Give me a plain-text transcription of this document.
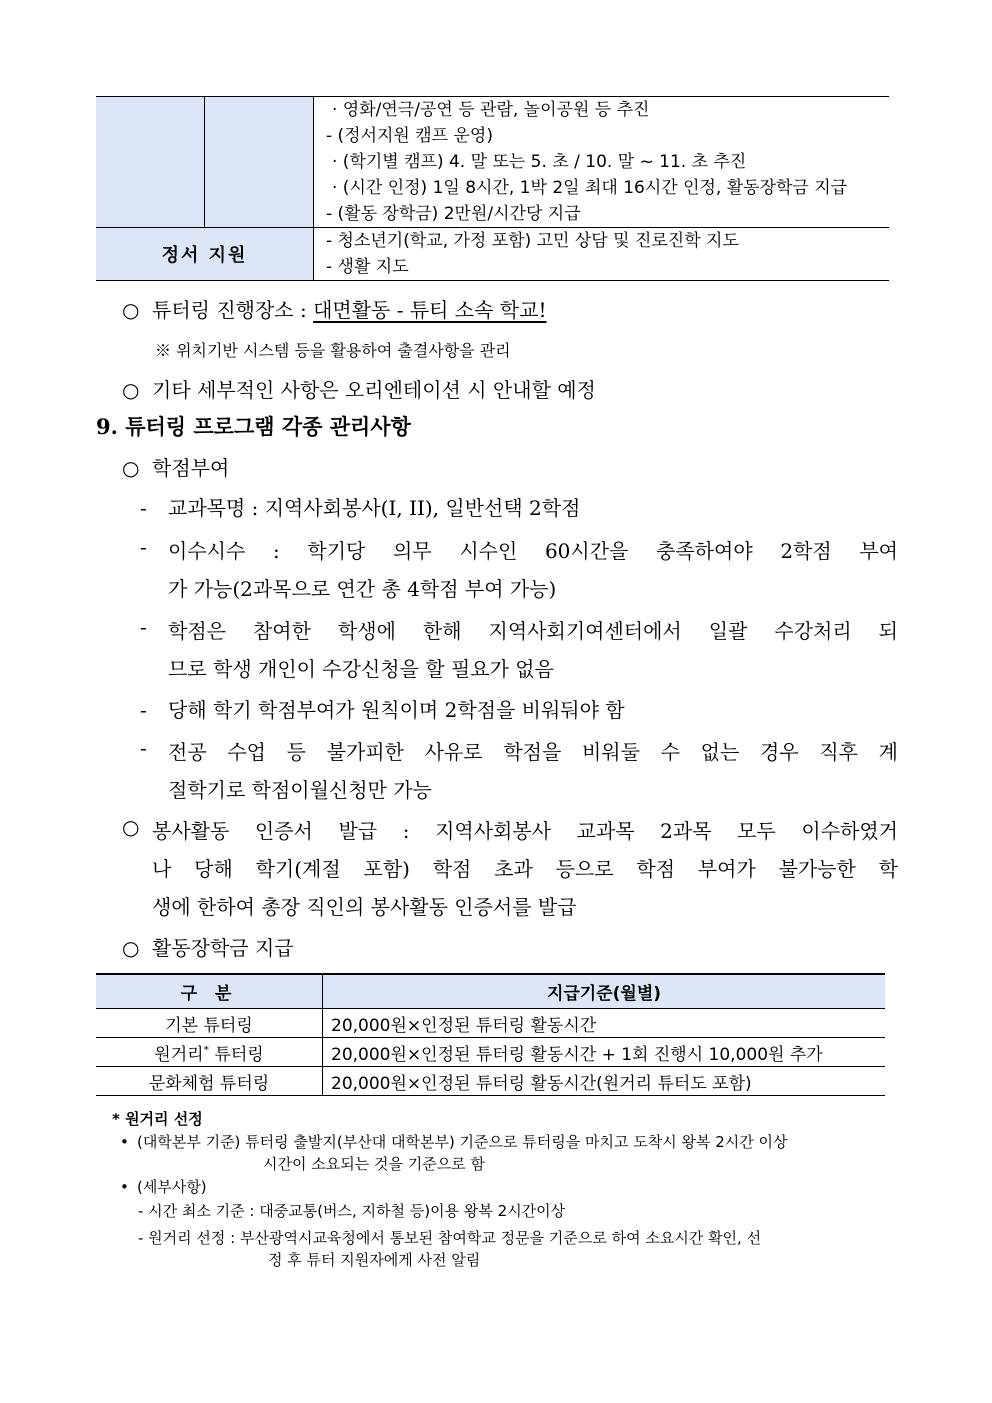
		· 영화/연극/공연 등 관람, 놀이공원 등 추진
- (정서지원 캠프 운영)
· (학기별 캠프) 4. 말 또는 5. 초 / 10. 말 ~ 11. 초 추진
· (시간 인정) 1일 8시간, 1박 2일 최대 16시간 인정, 활동장학금 지급
- (활동 장학금) 2만원/시간당 지급

정서 지원		- 청소년기(학교, 가정 포함) 고민 상담 및 진로진학 지도
- 생활 지도
○ 튜터링 진행장소 : 대면활동 - 튜티 소속 학교!
※ 위치기반 시스템 등을 활용하여 출결사항을 관리
○ 기타 세부적인 사항은 오리엔테이션 시 안내할 예정
9. 튜터링 프로그램 각종 관리사항
○ 학점부여
- 교과목명 : 지역사회봉사(I, II), 일반선택 2학점
-	이수시수 : 학기당 의무 시수인 60시간을 충족하여야 2학점 부여
가 가능(2과목으로 연간 총 4학점 부여 가능)
-	학점은 참여한 학생에 한해 지역사회기여센터에서 일괄 수강처리 되
므로 학생 개인이 수강신청을 할 필요가 없음
- 당해 학기 학점부여가 원칙이며 2학점을 비워둬야 함
-	전공 수업 등 불가피한 사유로 학점을 비워둘 수 없는 경우 직후 계
절학기로 학점이월신청만 가능
○ 봉사활동 인증서 발급 : 지역사회봉사 교과목 2과목 모두 이수하였거
나 당해 학기(계절 포함) 학점 초과 등으로 학점 부여가 불가능한 학
생에 한하여 총장 직인의 봉사활동 인증서를 발급
○ 활동장학금 지급
구 분	지급기준(월별)
기본 튜터링	20,000원×인정된 튜터링 활동시간
원거리* 튜터링	20,000원×인정된 튜터링 활동시간 + 1회 진행시 10,000원 추가
문화체험 튜터링	20,000원×인정된 튜터링 활동시간(원거리 튜터도 포함)
* 원거리 선정
• (대학본부 기준) 튜터링 출발지(부산대 대학본부) 기준으로 튜터링을 마치고 도착시 왕복 2시간 이상
시간이 소요되는 것을 기준으로 함
• (세부사항)
- 시간 최소 기준 : 대중교통(버스, 지하철 등)이용 왕복 2시간이상
- 원거리 선정 : 부산광역시교육청에서 통보된 참여학교 정문을 기준으로 하여 소요시간 확인, 선
정 후 튜터 지원자에게 사전 알림
